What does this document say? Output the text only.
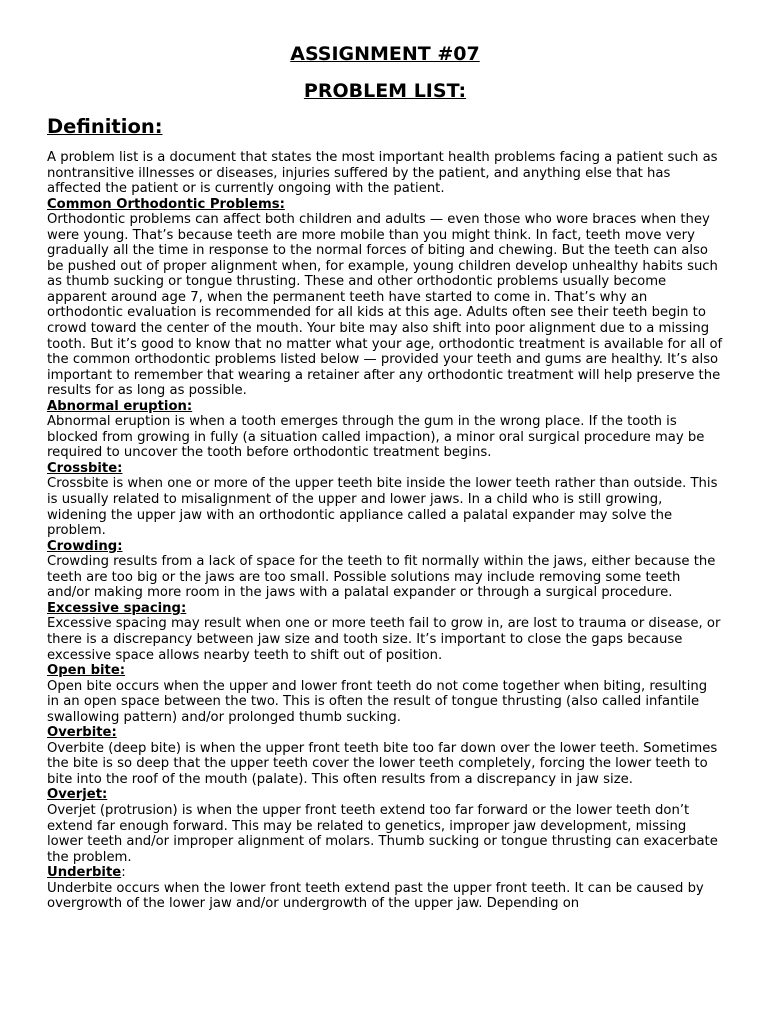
ASSIGNMENT #07
PROBLEM LIST:
Definition:

A problem list is a document that states the most important health problems facing a patient such as nontransitive illnesses or diseases, injuries suffered by the patient, and anything else that has affected the patient or is currently ongoing with the patient.

Common Orthodontic Problems:

Orthodontic problems can affect both children and adults — even those who wore braces when they were young. That’s because teeth are more mobile than you might think. In fact, teeth move very gradually all the time in response to the normal forces of biting and chewing. But the teeth can also be pushed out of proper alignment when, for example, young children develop unhealthy habits such as thumb sucking or tongue thrusting. These and other orthodontic problems usually become apparent around age 7, when the permanent teeth have started to come in. That’s why an orthodontic evaluation is recommended for all kids at this age. Adults often see their teeth begin to crowd toward the center of the mouth. Your bite may also shift into poor alignment due to a missing tooth. But it’s good to know that no matter what your age, orthodontic treatment is available for all of the common orthodontic problems listed below — provided your teeth and gums are healthy. It’s also important to remember that wearing a retainer after any orthodontic treatment will help preserve the results for as long as possible.

Abnormal eruption:

Abnormal eruption is when a tooth emerges through the gum in the wrong place. If the tooth is blocked from growing in fully (a situation called impaction), a minor oral surgical procedure may be required to uncover the tooth before orthodontic treatment begins.

Crossbite:

Crossbite is when one or more of the upper teeth bite inside the lower teeth rather than outside. This is usually related to misalignment of the upper and lower jaws. In a child who is still growing, widening the upper jaw with an orthodontic appliance called a palatal expander may solve the problem.

Crowding:

Crowding results from a lack of space for the teeth to fit normally within the jaws, either because the teeth are too big or the jaws are too small. Possible solutions may include removing some teeth and/or making more room in the jaws with a palatal expander or through a surgical procedure.

Excessive spacing:

Excessive spacing may result when one or more teeth fail to grow in, are lost to trauma or disease, or there is a discrepancy between jaw size and tooth size. It’s important to close the gaps because excessive space allows nearby teeth to shift out of position.

Open bite:

Open bite occurs when the upper and lower front teeth do not come together when biting, resulting in an open space between the two. This is often the result of tongue thrusting (also called infantile swallowing pattern) and/or prolonged thumb sucking.

Overbite:

Overbite (deep bite) is when the upper front teeth bite too far down over the lower teeth. Sometimes the bite is so deep that the upper teeth cover the lower teeth completely, forcing the lower teeth to bite into the roof of the mouth (palate). This often results from a discrepancy in jaw size.

Overjet:

Overjet (protrusion) is when the upper front teeth extend too far forward or the lower teeth don’t extend far enough forward. This may be related to genetics, improper jaw development, missing lower teeth and/or improper alignment of molars. Thumb sucking or tongue thrusting can exacerbate the problem.

Underbite:

Underbite occurs when the lower front teeth extend past the upper front teeth. It can be caused by overgrowth of the lower jaw and/or undergrowth of the upper jaw. Depending on
